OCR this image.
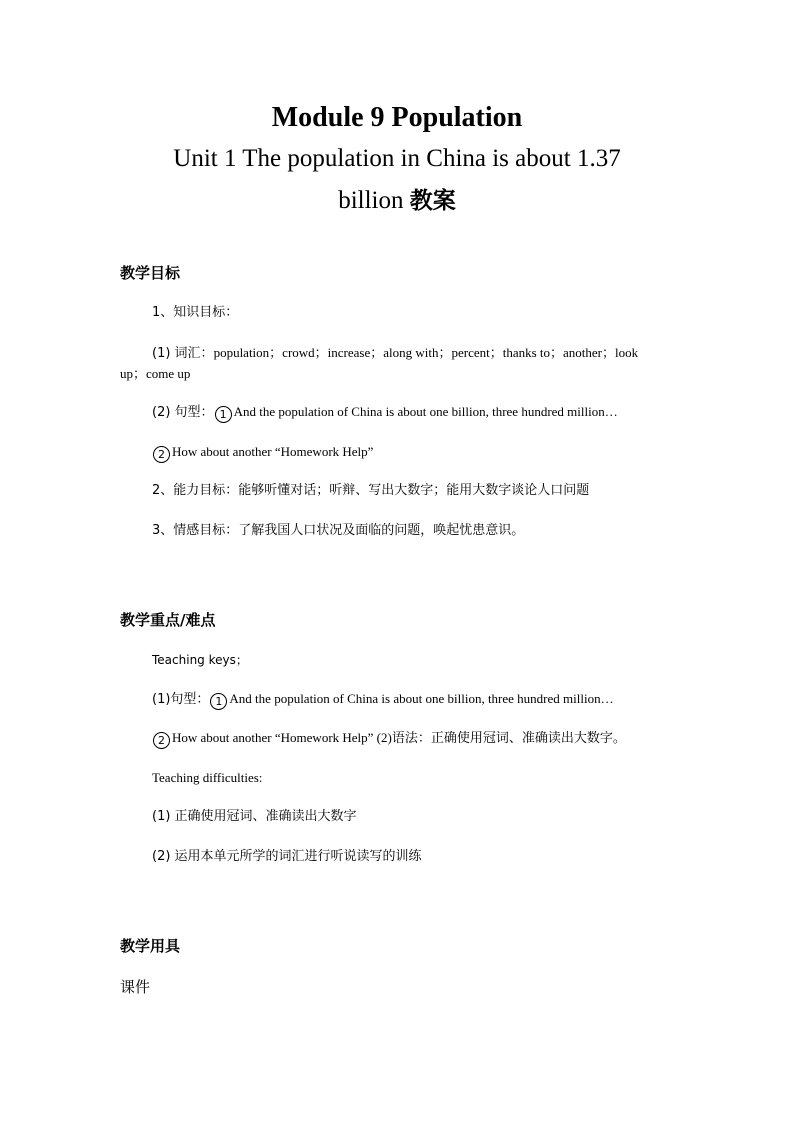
Module 9 Population
Unit 1 The population in China is about 1.37
billion 教案
教学目标
1、知识目标：
(1) 词汇：population；crowd；increase；along with；percent；thanks to；another；look
up；come up
(2) 句型： 1 And the population of China is about one billion, three hundred million…
2 How about another “Homework Help”
2、能力目标：能够听懂对话；听辩、写出大数字；能用大数字谈论人口问题
3、情感目标：了解我国人口状况及面临的问题，唤起忧患意识。
教学重点/难点
Teaching keys；
(1)句型： 1 And the population of China is about one billion, three hundred million…
2 How about another “Homework Help” (2)语法：正确使用冠词、准确读出大数字。
Teaching difficulties:
(1) 正确使用冠词、准确读出大数字
(2) 运用本单元所学的词汇进行听说读写的训练
教学用具
课件
